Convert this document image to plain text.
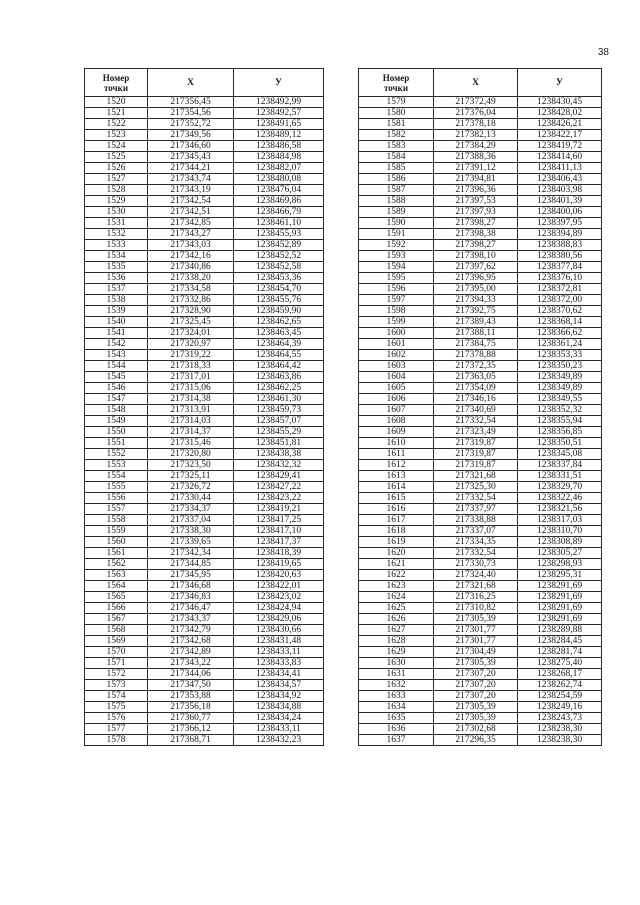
38
Номер
точки	X	У
1520	217356,45	1238492,99
1521	217354,56	1238492,57
1522	217352,72	1238491,65
1523	217349,56	1238489,12
1524	217346,60	1238486,58
1525	217345,43	1238484,98
1526	217344,21	1238482,07
1527	217343,74	1238480,08
1528	217343,19	1238476,04
1529	217342,54	1238469,86
1530	217342,51	1238466,79
1531	217342,85	1238461,10
1532	217343,27	1238455,93
1533	217343,03	1238452,89
1534	217342,16	1238452,52
1535	217340,86	1238452,58
1536	217338,20	1238453,36
1537	217334,58	1238454,70
1538	217332,86	1238455,76
1539	217328,90	1238459,90
1540	217325,45	1238462,65
1541	217324,01	1238463,45
1542	217320,97	1238464,39
1543	217319,22	1238464,55
1544	217318,33	1238464,42
1545	217317,01	1238463,86
1546	217315,06	1238462,25
1547	217314,38	1238461,30
1548	217313,91	1238459,73
1549	217314,03	1238457,07
1550	217314,37	1238455,29
1551	217315,46	1238451,81
1552	217320,80	1238438,38
1553	217323,50	1238432,32
1554	217325,11	1238429,41
1555	217326,72	1238427,22
1556	217330,44	1238423,22
1557	217334,37	1238419,21
1558	217337,04	1238417,25
1559	217338,30	1238417,10
1560	217339,65	1238417,37
1561	217342,34	1238418,39
1562	217344,85	1238419,65
1563	217345,95	1238420,63
1564	217346,68	1238422,01
1565	217346,83	1238423,02
1566	217346,47	1238424,94
1567	217343,37	1238429,06
1568	217342,79	1238430,66
1569	217342,68	1238431,48
1570	217342,89	1238433,11
1571	217343,22	1238433,83
1572	217344,06	1238434,41
1573	217347,50	1238434,57
1574	217353,88	1238434,92
1575	217356,18	1238434,88
1576	217360,77	1238434,24
1577	217366,12	1238433,11
1578	217368,71	1238432,23
Номер
точки	X	У
1579	217372,49	1238430,45
1580	217376,04	1238428,02
1581	217378,18	1238426,21
1582	217382,13	1238422,17
1583	217384,29	1238419,72
1584	217388,36	1238414,60
1585	217391,12	1238411,13
1586	217394,81	1238406,43
1587	217396,36	1238403,98
1588	217397,53	1238401,39
1589	217397,93	1238400,06
1590	217398,27	1238397,95
1591	217398,38	1238394,89
1592	217398,27	1238388,83
1593	217398,10	1238380,56
1594	217397,62	1238377,84
1595	217396,95	1238376,10
1596	217395,00	1238372,81
1597	217394,33	1238372,00
1598	217392,75	1238370,62
1599	217389,43	1238368,14
1600	217388,11	1238366,62
1601	217384,75	1238361,24
1602	217378,88	1238353,33
1603	217372,35	1238350,23
1604	217363,05	1238349,89
1605	217354,09	1238349,89
1606	217346,16	1238349,55
1607	217340,69	1238352,32
1608	217332,54	1238355,94
1609	217323,49	1238356,85
1610	217319,87	1238350,51
1611	217319,87	1238345,08
1612	217319,87	1238337,84
1613	217321,68	1238331,51
1614	217325,30	1238329,70
1615	217332,54	1238322,46
1616	217337,97	1238321,56
1617	217338,88	1238317,03
1618	217337,07	1238310,70
1619	217334,35	1238308,89
1620	217332,54	1238305,27
1621	217330,73	1238298,93
1622	217324,40	1238295,31
1623	217321,68	1238291,69
1624	217316,25	1238291,69
1625	217310,82	1238291,69
1626	217305,39	1238291,69
1627	217301,77	1238289,88
1628	217301,77	1238284,45
1629	217304,49	1238281,74
1630	217305,39	1238275,40
1631	217307,20	1238268,17
1632	217307,20	1238262,74
1633	217307,20	1238254,59
1634	217305,39	1238249,16
1635	217305,39	1238243,73
1636	217302,68	1238238,30
1637	217296,35	1238238,30
